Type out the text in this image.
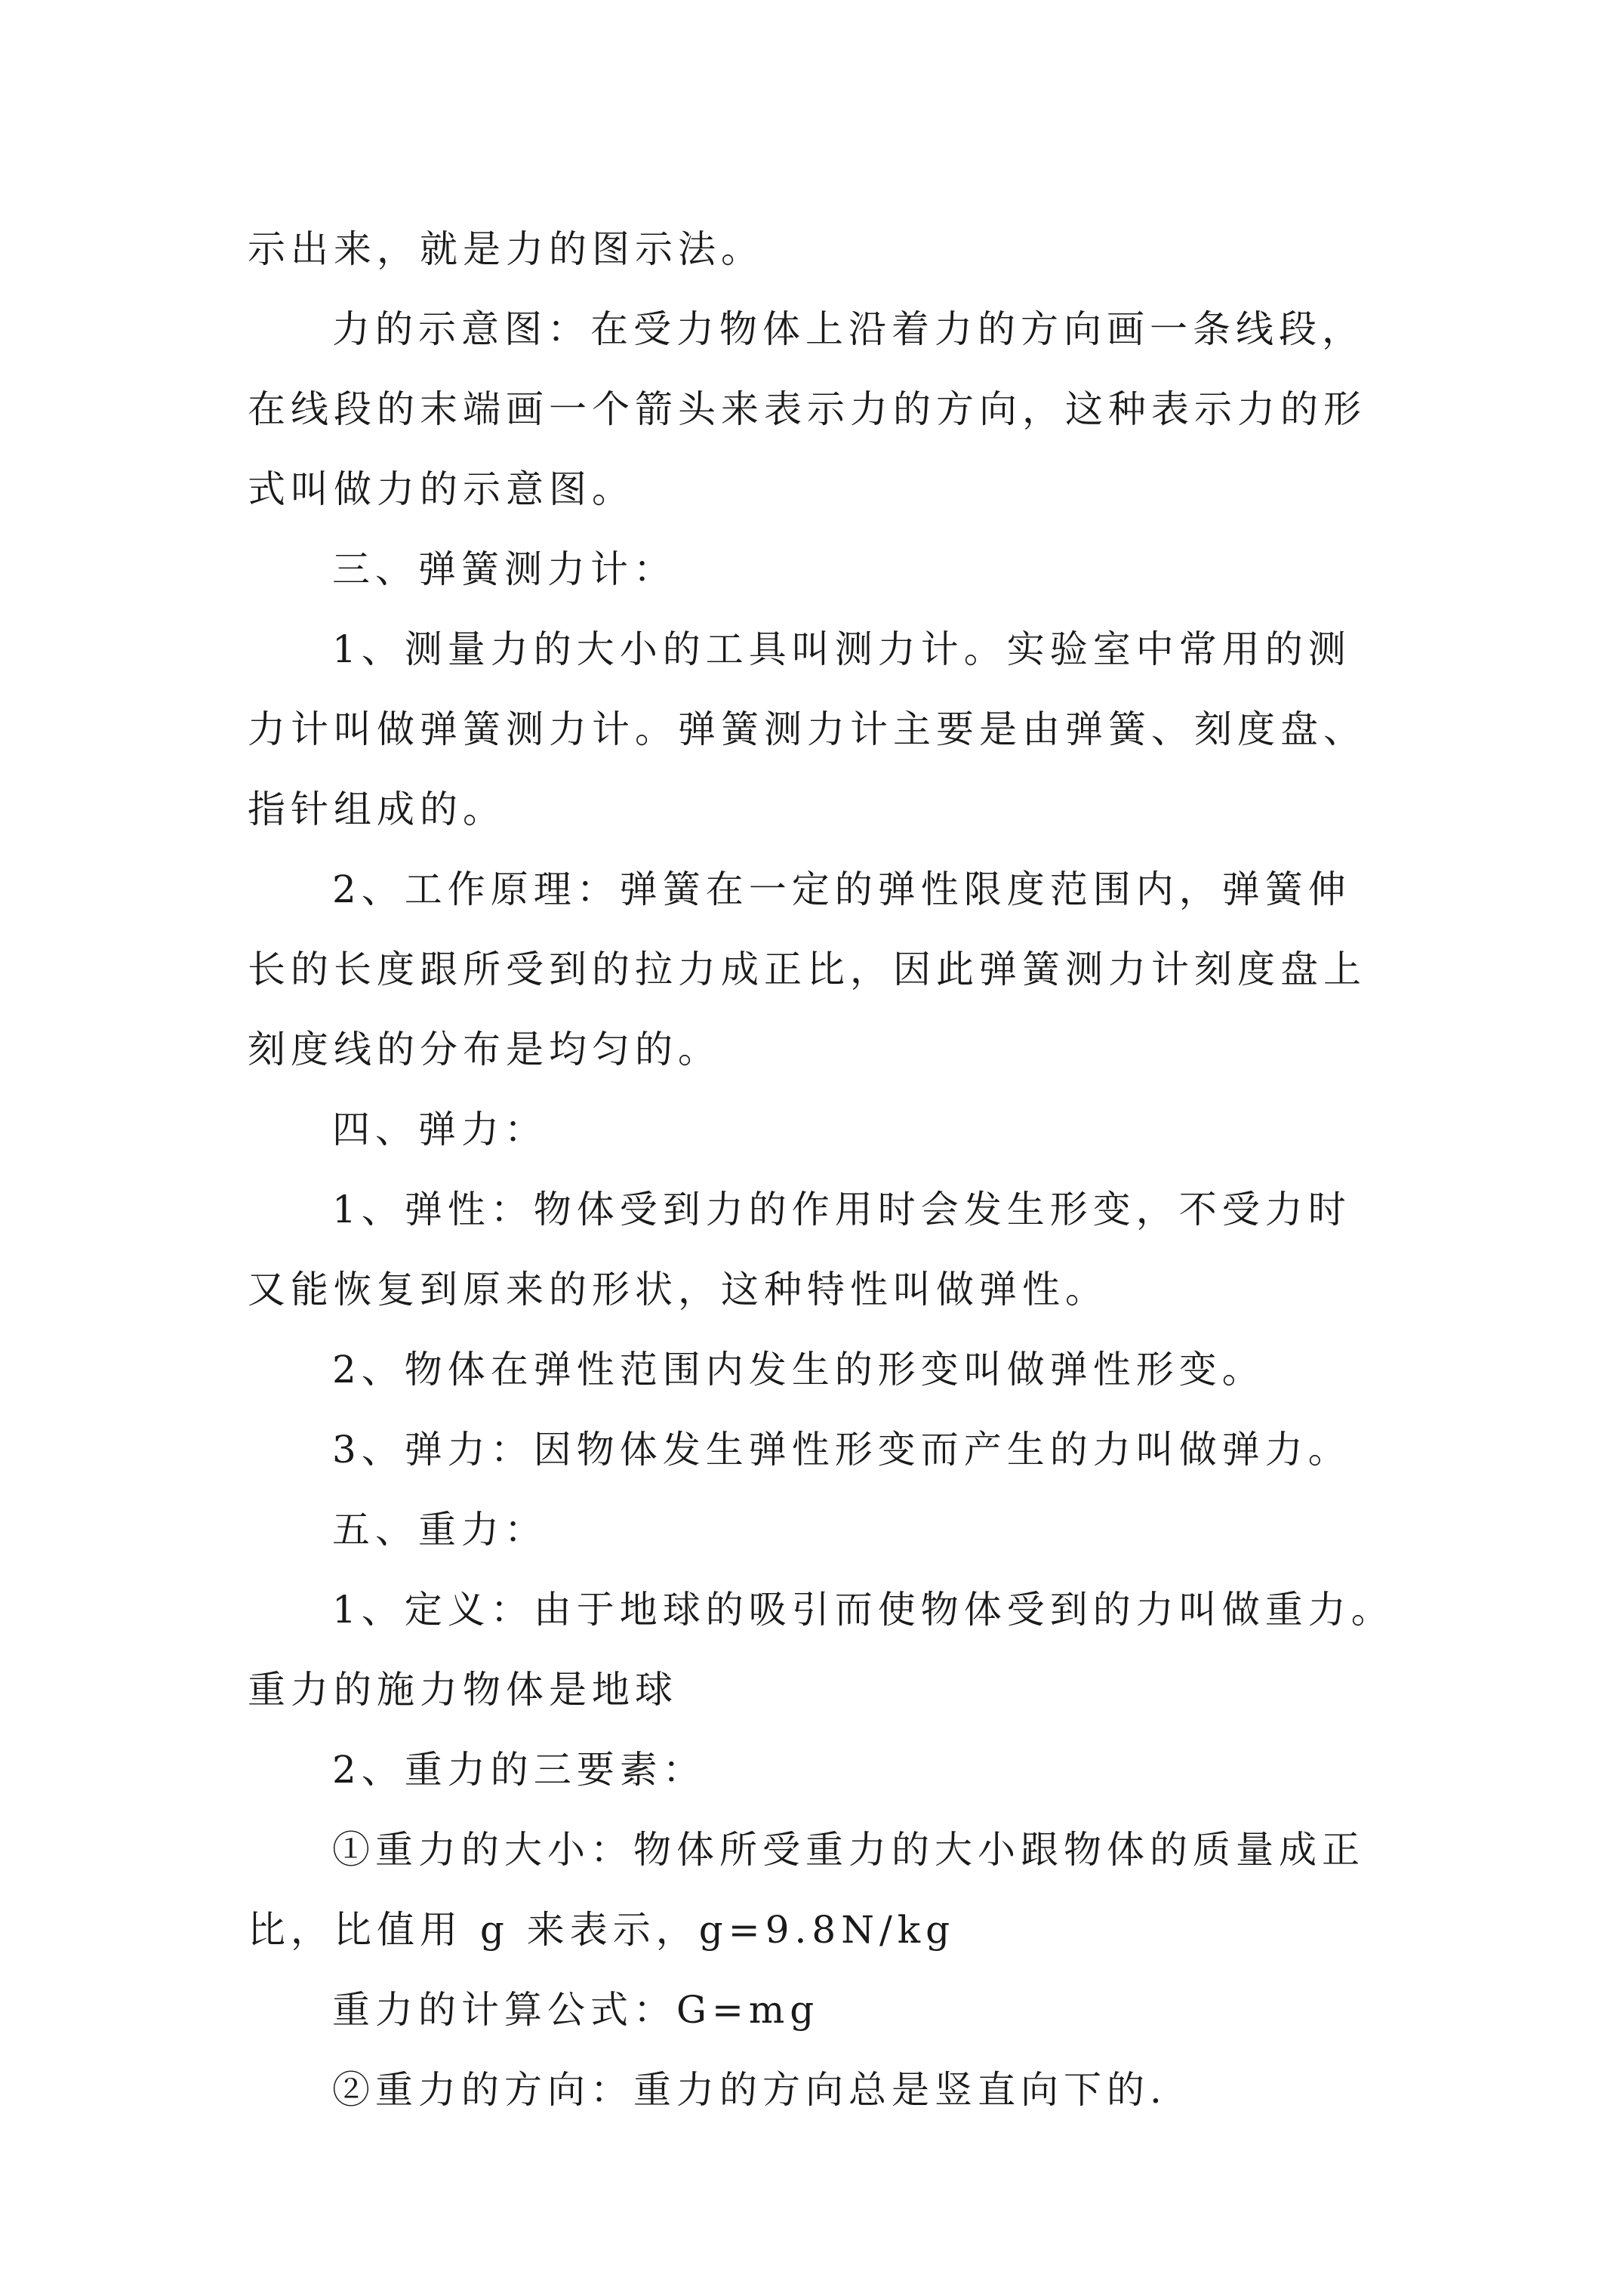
示出来，就是力的图示法。
力的示意图：在受力物体上沿着力的方向画一条线段，
在线段的末端画一个箭头来表示力的方向，这种表示力的形
式叫做力的示意图。
三、弹簧测力计：
1、测量力的大小的工具叫测力计。实验室中常用的测
力计叫做弹簧测力计。弹簧测力计主要是由弹簧、刻度盘、
指针组成的。
2、工作原理：弹簧在一定的弹性限度范围内，弹簧伸
长的长度跟所受到的拉力成正比，因此弹簧测力计刻度盘上
刻度线的分布是均匀的。
四、弹力：
1、弹性：物体受到力的作用时会发生形变，不受力时
又能恢复到原来的形状，这种特性叫做弹性。
2、物体在弹性范围内发生的形变叫做弹性形变。
3、弹力：因物体发生弹性形变而产生的力叫做弹力。
五、重力：
1、定义：由于地球的吸引而使物体受到的力叫做重力。
重力的施力物体是地球
2、重力的三要素：
①重力的大小：物体所受重力的大小跟物体的质量成正
比，比值用 g 来表示，g=9.8N/kg
重力的计算公式：G=mg
②重力的方向：重力的方向总是竖直向下的.
